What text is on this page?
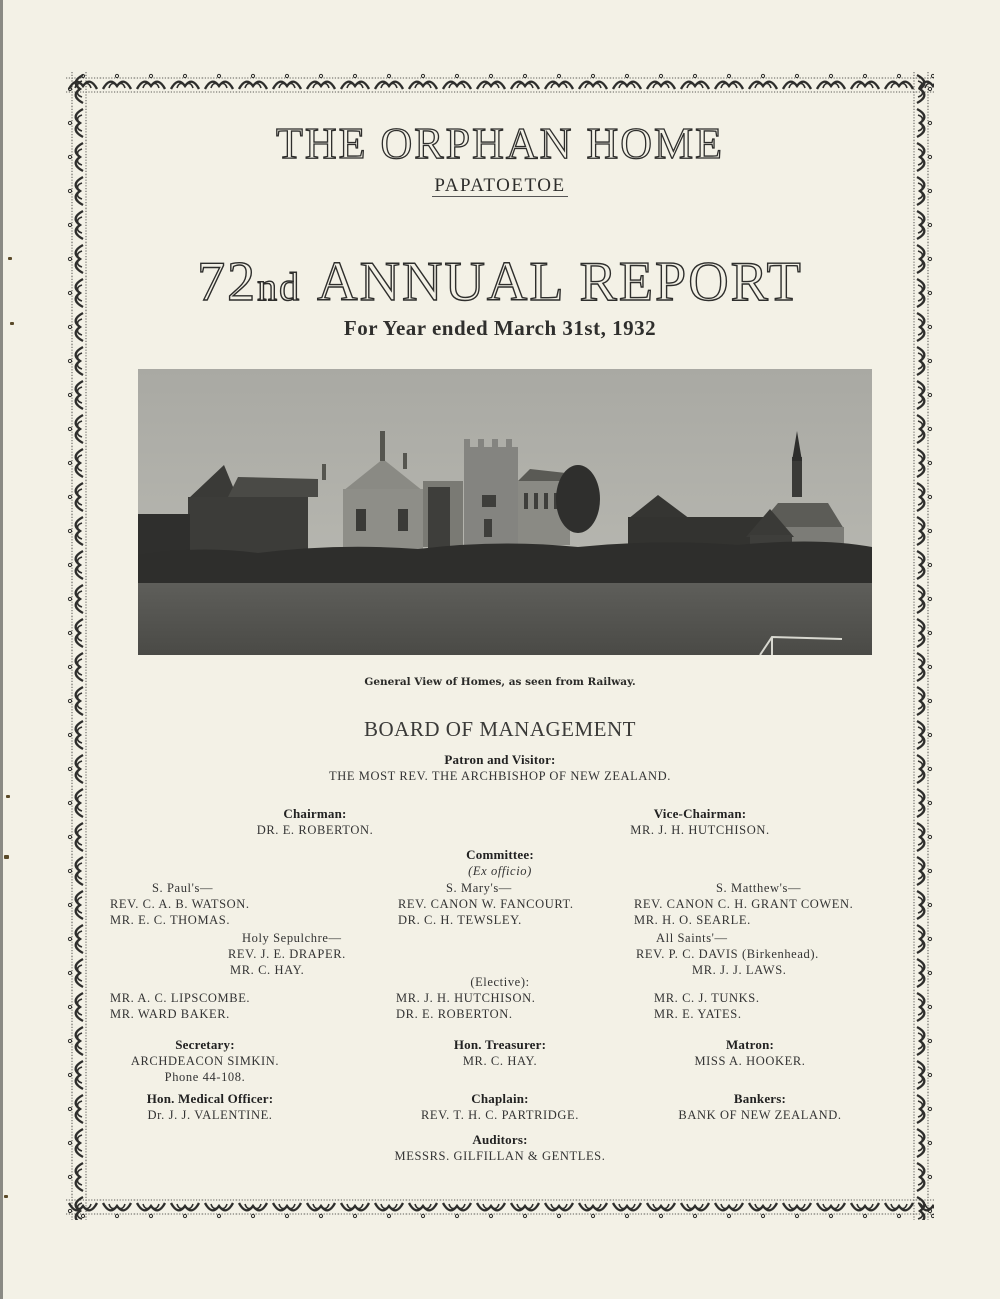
THE ORPHAN HOME
PAPATOETOE
72nd ANNUAL REPORT
For Year ended March 31st, 1932
General View of Homes, as seen from Railway.
BOARD OF MANAGEMENT
Patron and Visitor:
THE MOST REV. THE ARCHBISHOP OF NEW ZEALAND.
Chairman:
DR. E. ROBERTON.
Vice-Chairman:
MR. J. H. HUTCHISON.
Committee:
(Ex officio)
S. Paul's—
REV. C. A. B. WATSON.
MR. E. C. THOMAS.
S. Mary's—
REV. CANON W. FANCOURT.
DR. C. H. TEWSLEY.
S. Matthew's—
REV. CANON C. H. GRANT COWEN.
MR. H. O. SEARLE.
Holy Sepulchre—
REV. J. E. DRAPER.
MR. C. HAY.
All Saints'—
REV. P. C. DAVIS (Birkenhead).
MR. J. J. LAWS.
(Elective):
MR. A. C. LIPSCOMBE.
MR. WARD BAKER.
MR. J. H. HUTCHISON.
DR. E. ROBERTON.
MR. C. J. TUNKS.
MR. E. YATES.
Secretary:
ARCHDEACON SIMKIN.
Phone 44-108.
Hon. Treasurer:
MR. C. HAY.
Matron:
MISS A. HOOKER.
Hon. Medical Officer:
Dr. J. J. VALENTINE.
Chaplain:
REV. T. H. C. PARTRIDGE.
Bankers:
BANK OF NEW ZEALAND.
Auditors:
MESSRS. GILFILLAN & GENTLES.
